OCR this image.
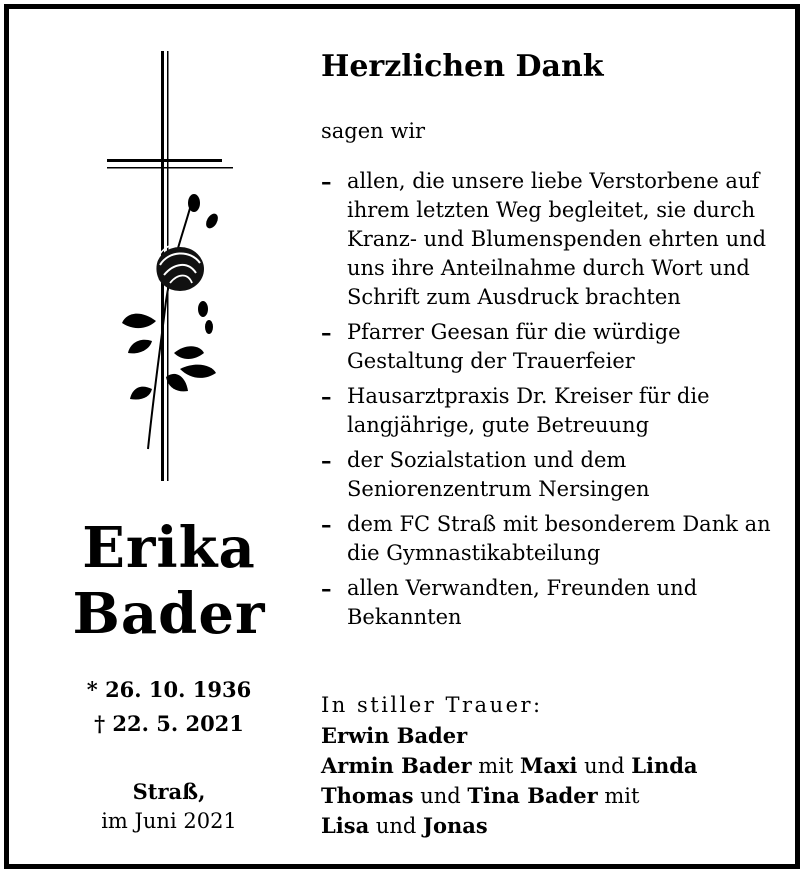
Erika
Bader
* 26. 10. 1936
† 22. 5. 2021
Straß,
im Juni 2021
Herzlichen Dank
sagen wir
– allen, die unsere liebe Verstorbene auf ihrem letzten Weg begleitet, sie durch Kranz- und Blumenspenden ehrten und uns ihre Anteilnahme durch Wort und Schrift zum Ausdruck brachten
– Pfarrer Geesan für die würdige Gestaltung der Trauerfeier
– Hausarztpraxis Dr. Kreiser für die langjährige, gute Betreuung
– der Sozialstation und dem Seniorenzentrum Nersingen
– dem FC Straß mit besonderem Dank an die Gymnastikabteilung
– allen Verwandten, Freunden und Bekannten
In stiller Trauer:
Erwin Bader
Armin Bader mit Maxi und Linda
Thomas und Tina Bader mit
Lisa und Jonas
